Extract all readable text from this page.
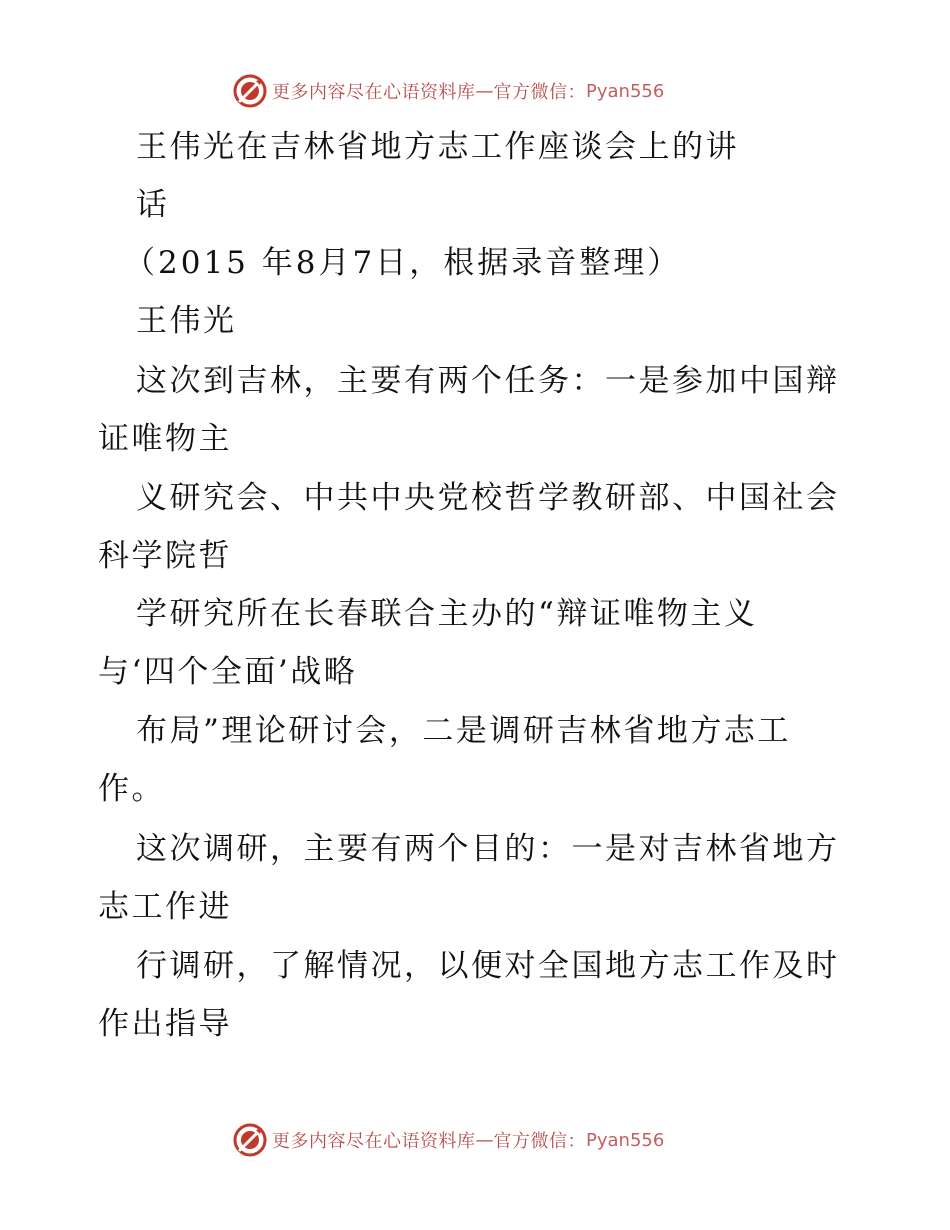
更多内容尽在心语资料库 — 官方微信： Pyan556

王伟光在吉林省地方志工作座谈会上的讲

话

（2015 年8月7日，根据录音整理）

王伟光

这次到吉林，主要有两个任务：一是参加中国辩

证唯物主

义研究会、中共中央党校哲学教研部、中国社会

科学院哲

学研究所在长春联合主办的“辩证唯物主义

与‘四个全面’战略

布局”理论研讨会，二是调研吉林省地方志工

作。

这次调研，主要有两个目的：一是对吉林省地方

志工作进

行调研，了解情况，以便对全国地方志工作及时

作出指导

更多内容尽在心语资料库 — 官方微信： Pyan556
